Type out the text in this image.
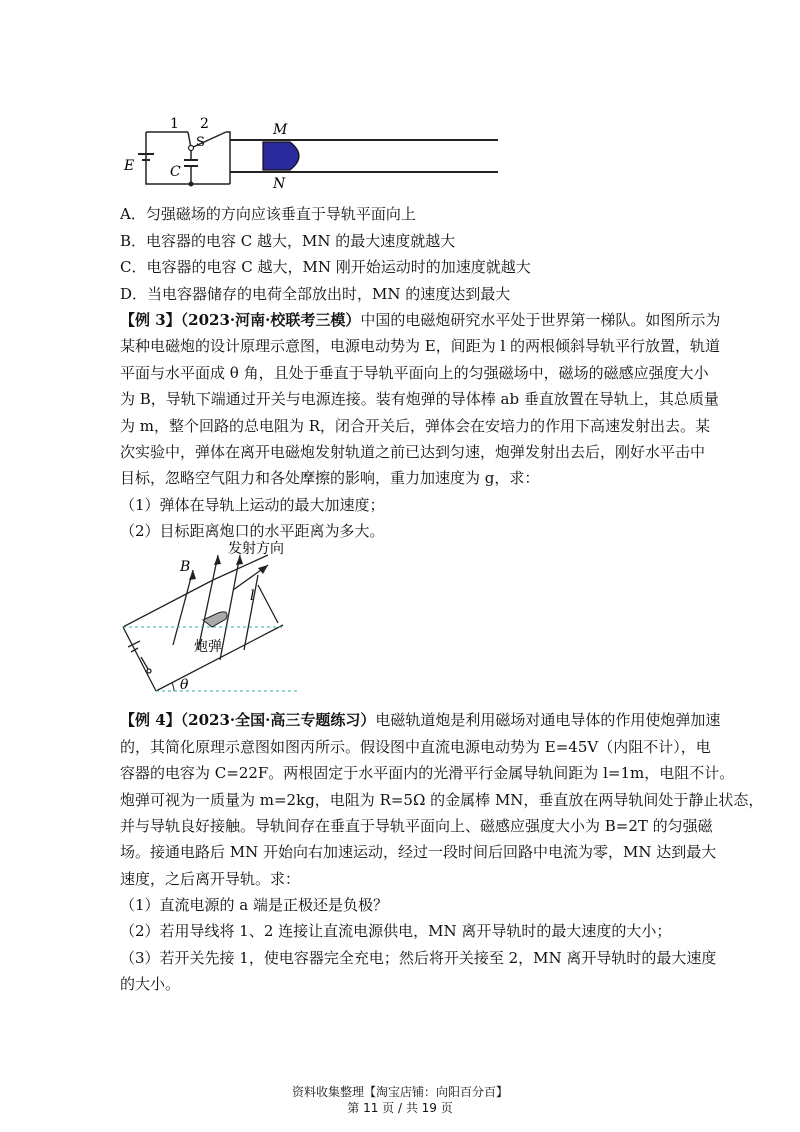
1 2
S
E	C
M
N
A．匀强磁场的方向应该垂直于导轨平面向上
B．电容器的电容 C 越大，MN 的最大速度就越大
C．电容器的电容 C 越大，MN 刚开始运动时的加速度就越大
D．当电容器储存的电荷全部放出时，MN 的速度达到最大
【例 3】（2023·河南·校联考三模）中国的电磁炮研究水平处于世界第一梯队。如图所示为
某种电磁炮的设计原理示意图，电源电动势为 E，间距为 l 的两根倾斜导轨平行放置，轨道
平面与水平面成 θ 角，且处于垂直于导轨平面向上的匀强磁场中，磁场的磁感应强度大小
为 B，导轨下端通过开关与电源连接。装有炮弹的导体棒 ab 垂直放置在导轨上，其总质量
为 m，整个回路的总电阻为 R，闭合开关后，弹体会在安培力的作用下高速发射出去。某
次实验中，弹体在离开电磁炮发射轨道之前已达到匀速，炮弹发射出去后，刚好水平击中
目标，忽略空气阻力和各处摩擦的影响，重力加速度为 g，求：
（1）弹体在导轨上运动的最大加速度；
（2）目标距离炮口的水平距离为多大。
发射方向
B
l
炮弹
θ
【例 4】（2023·全国·高三专题练习）电磁轨道炮是利用磁场对通电导体的作用使炮弹加速
的，其简化原理示意图如图丙所示。假设图中直流电源电动势为 E=45V（内阻不计），电
容器的电容为 C=22F。两根固定于水平面内的光滑平行金属导轨间距为 l=1m，电阻不计。
炮弹可视为一质量为 m=2kg，电阻为 R=5Ω 的金属棒 MN，垂直放在两导轨间处于静止状态，
并与导轨良好接触。导轨间存在垂直于导轨平面向上、磁感应强度大小为 B=2T 的匀强磁
场。接通电路后 MN 开始向右加速运动，经过一段时间后回路中电流为零，MN 达到最大
速度，之后离开导轨。求：
（1）直流电源的 a 端是正极还是负极？
（2）若用导线将 1、2 连接让直流电源供电，MN 离开导轨时的最大速度的大小；
（3）若开关先接 1，使电容器完全充电；然后将开关接至 2，MN 离开导轨时的最大速度
的大小。
资料收集整理【淘宝店铺：向阳百分百】
第 11 页 / 共 19 页
